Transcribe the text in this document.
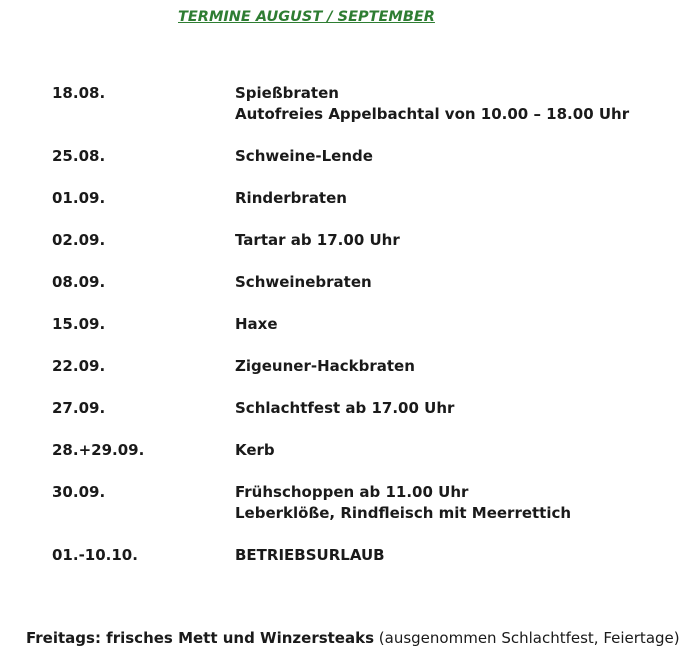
TERMINE AUGUST / SEPTEMBER
18.08.	Spießbraten
Autofreies Appelbachtal von 10.00 – 18.00 Uhr
25.08.	Schweine-Lende
01.09.	Rinderbraten
02.09.	Tartar ab 17.00 Uhr
08.09.	Schweinebraten
15.09.	Haxe
22.09.	Zigeuner-Hackbraten
27.09.	Schlachtfest ab 17.00 Uhr
28.+29.09.	Kerb
30.09.	Frühschoppen ab 11.00 Uhr
Leberklöße, Rindfleisch mit Meerrettich
01.-10.10.	BETRIEBSURLAUB
Freitags: frisches Mett und Winzersteaks (ausgenommen Schlachtfest, Feiertage)
